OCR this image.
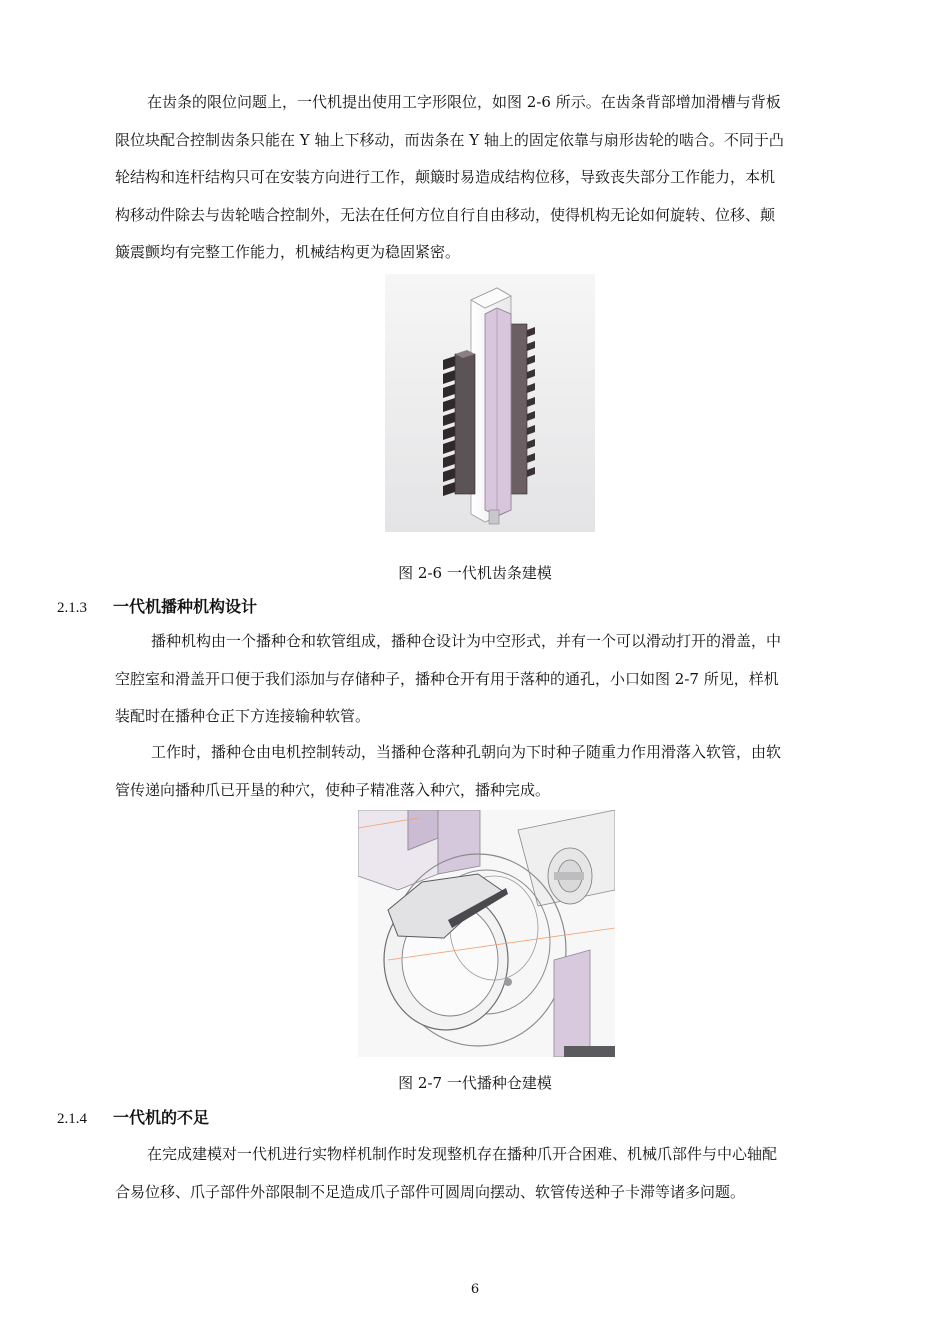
在齿条的限位问题上，一代机提出使用工字形限位，如图 2-6 所示。在齿条背部增加滑槽与背板
限位块配合控制齿条只能在 Y 轴上下移动，而齿条在 Y 轴上的固定依靠与扇形齿轮的啮合。不同于凸
轮结构和连杆结构只可在安装方向进行工作，颠簸时易造成结构位移，导致丧失部分工作能力，本机
构移动件除去与齿轮啮合控制外，无法在任何方位自行自由移动，使得机构无论如何旋转、位移、颠
簸震颤均有完整工作能力，机械结构更为稳固紧密。
图 2-6 一代机齿条建模
2.1.3 一代机播种机构设计
播种机构由一个播种仓和软管组成，播种仓设计为中空形式，并有一个可以滑动打开的滑盖，中
空腔室和滑盖开口便于我们添加与存储种子，播种仓开有用于落种的通孔，小口如图 2-7 所见，样机
装配时在播种仓正下方连接输种软管。
工作时，播种仓由电机控制转动，当播种仓落种孔朝向为下时种子随重力作用滑落入软管，由软
管传递向播种爪已开垦的种穴，使种子精准落入种穴，播种完成。
图 2-7 一代播种仓建模
2.1.4 一代机的不足
在完成建模对一代机进行实物样机制作时发现整机存在播种爪开合困难、机械爪部件与中心轴配
合易位移、爪子部件外部限制不足造成爪子部件可圆周向摆动、软管传送种子卡滞等诸多问题。
6
